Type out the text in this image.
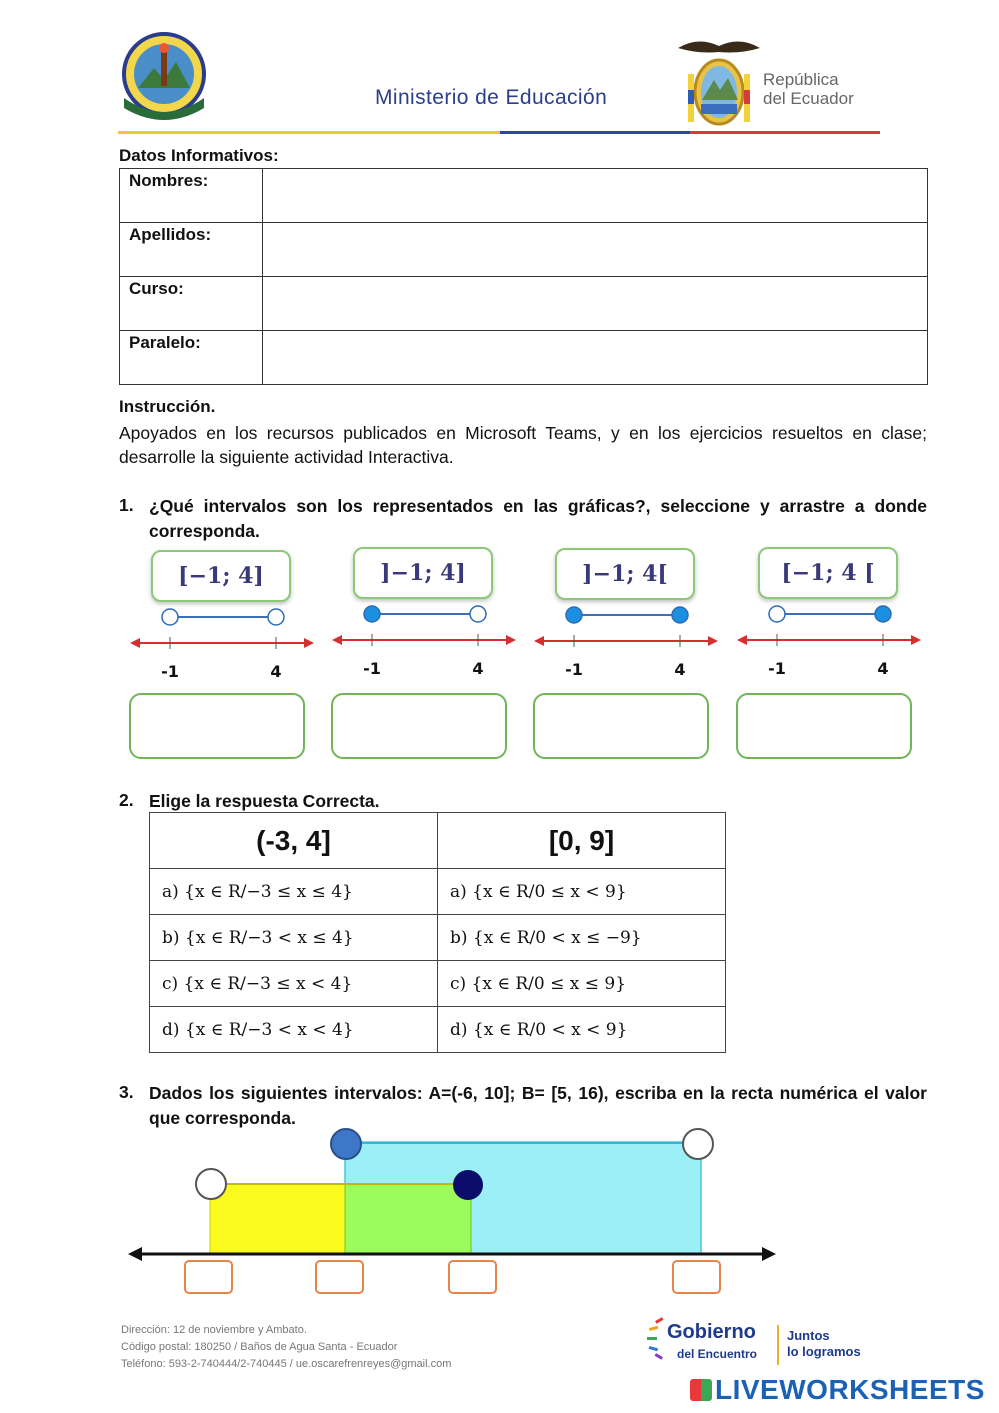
Ministerio de Educación
República
del Ecuador
Datos Informativos:
Nombres:	
Apellidos:	
Curso:	
Paralelo:	
Instrucción.
Apoyados en los recursos publicados en Microsoft Teams, y en los ejercicios resueltos en clase; desarrolle la siguiente actividad Interactiva.
1. ¿Qué intervalos son los representados en las gráficas?, seleccione y arrastre a donde corresponda.
[−1; 4]
-1	4
]−1; 4]
-1	4
]−1; 4[
-1	4
[−1; 4 [
-1	4
2. Elige la respuesta Correcta.
(-3, 4]	[0, 9]
a) {x ∈ R/−3 ≤ x ≤ 4}	a) {x ∈ R/0 ≤ x < 9}
b) {x ∈ R/−3 < x ≤ 4}	b) {x ∈ R/0 < x ≤ −9}
c) {x ∈ R/−3 ≤ x < 4}	c) {x ∈ R/0 ≤ x ≤ 9}
d) {x ∈ R/−3 < x < 4}	d) {x ∈ R/0 < x < 9}
3. Dados los siguientes intervalos: A=(-6, 10]; B= [5, 16), escriba en la recta numérica el valor que corresponda.
Dirección: 12 de noviembre y Ambato.
Código postal: 180250 / Baños de Agua Santa - Ecuador
Teléfono: 593-2-740444/2-740445 / ue.oscarefrenreyes@gmail.com
Gobierno
del Encuentro
Juntos
lo logramos
LIVEWORKSHEETS
